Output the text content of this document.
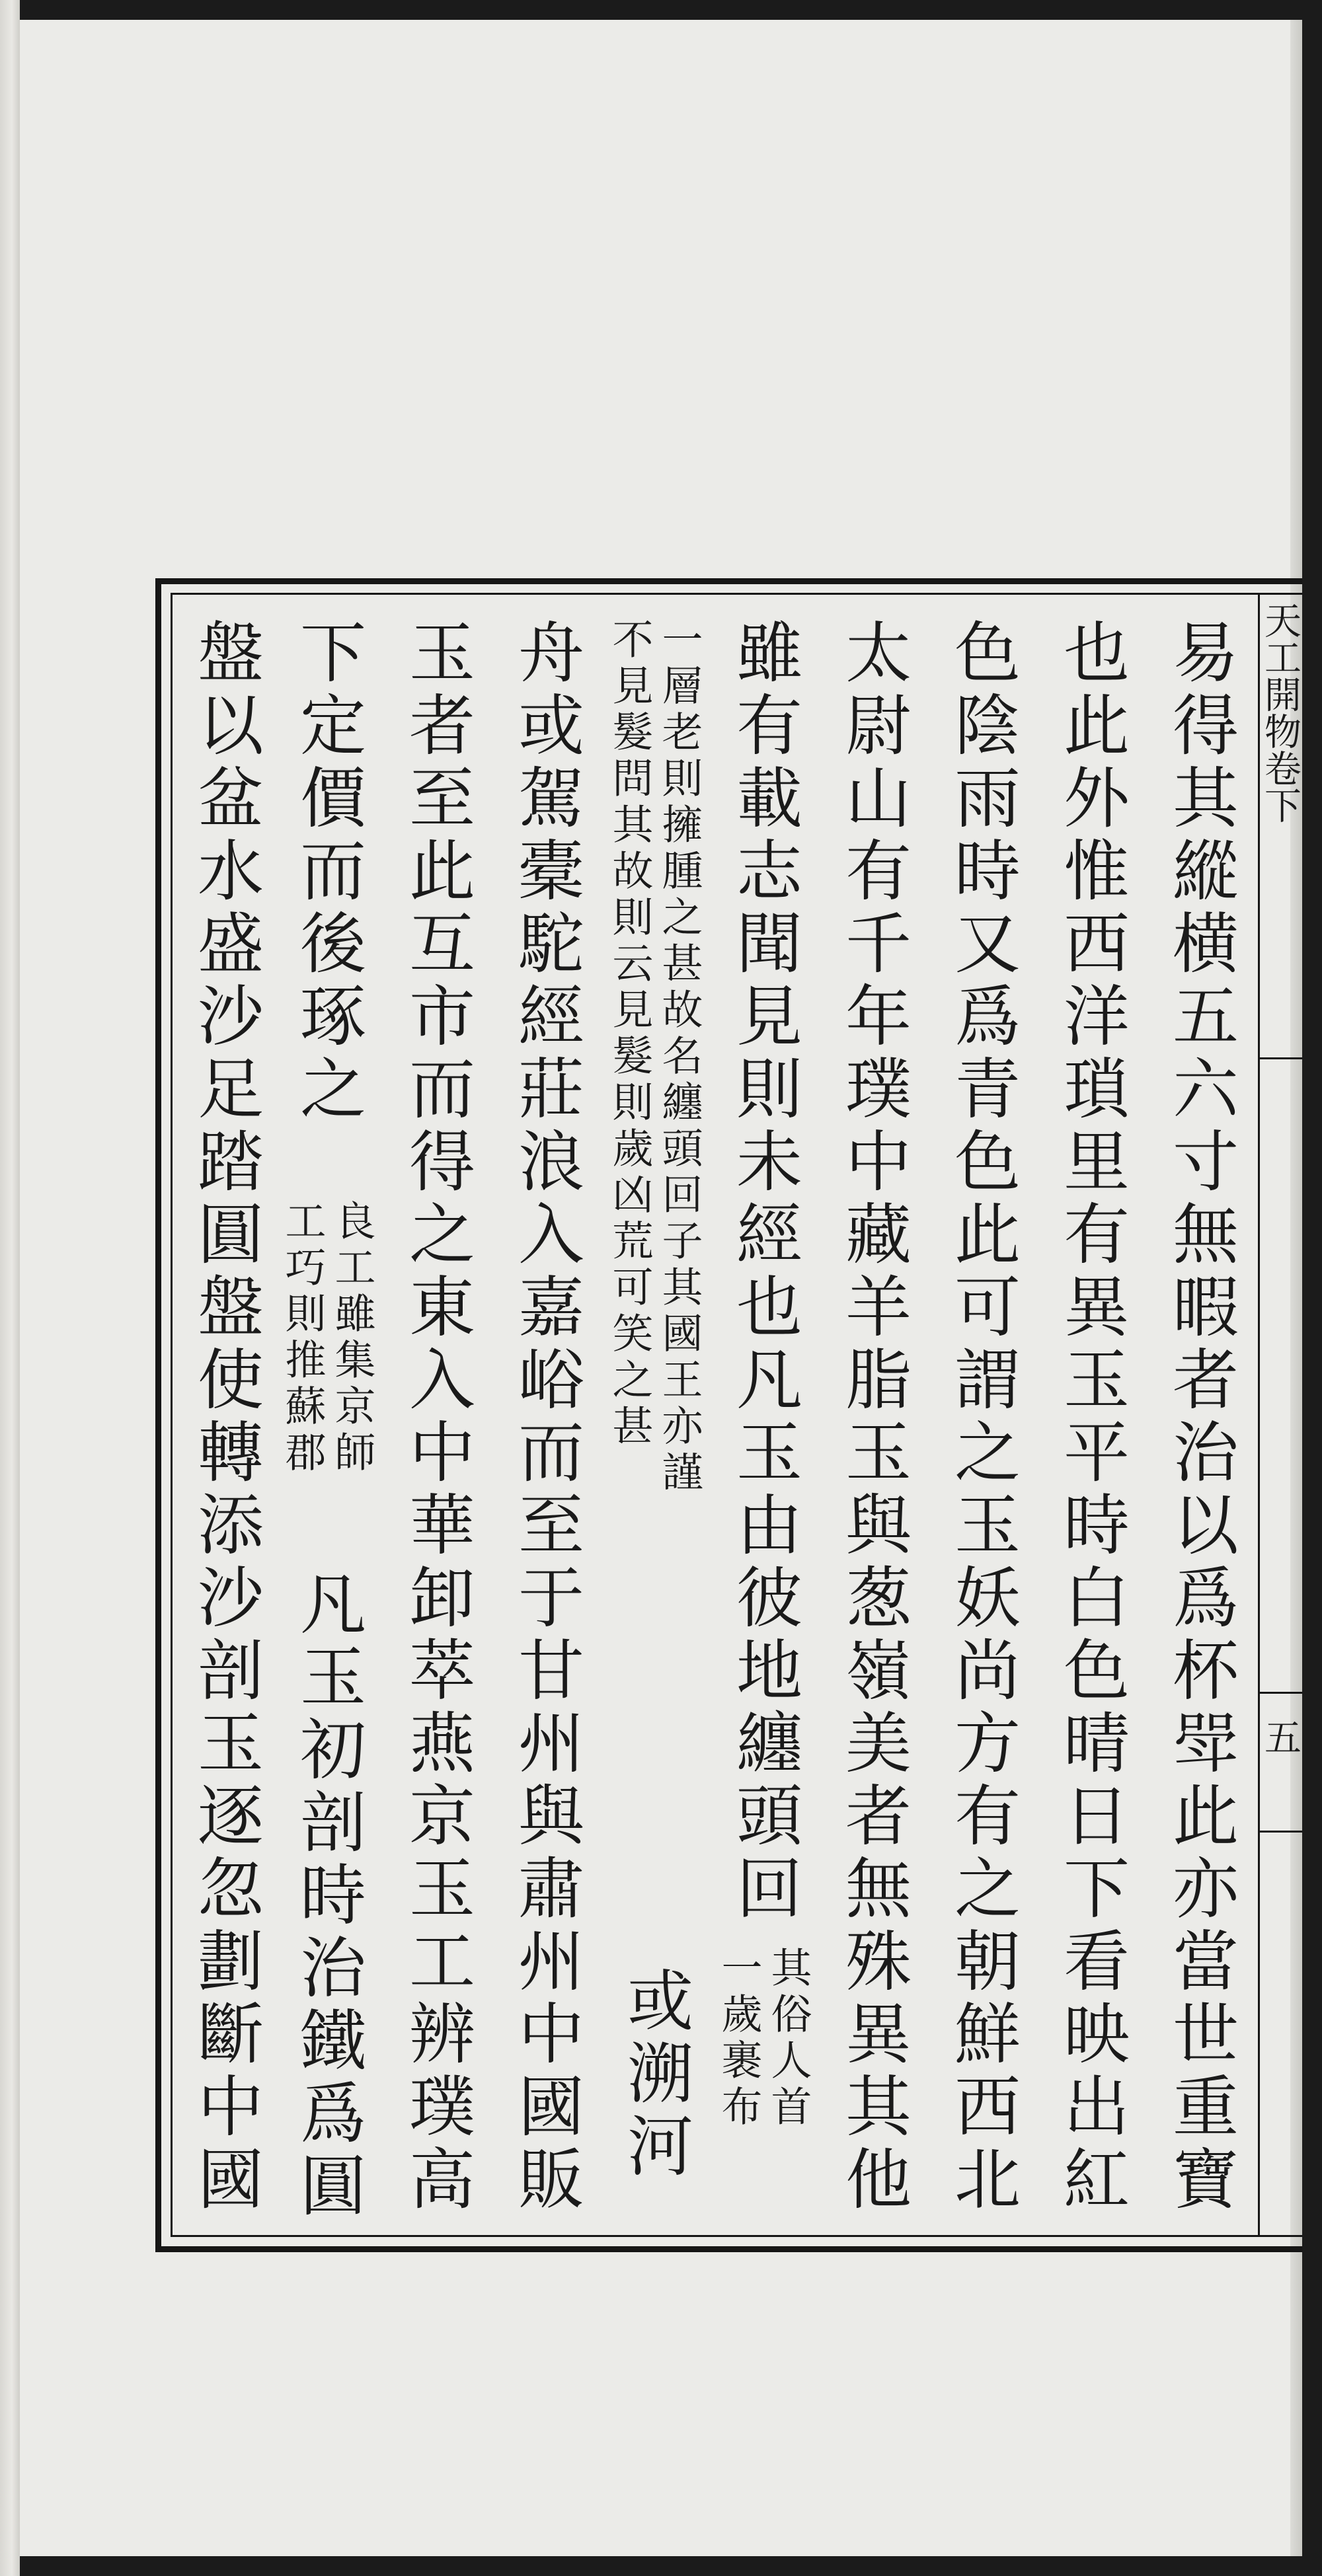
天工開物卷下
五
易得其縱横五六寸無暇者治以爲杯斝此亦當世重寶
也此外惟西洋瑣里有異玉平時白色晴日下看映出紅
色陰雨時又爲青色此可謂之玉妖尚方有之朝鮮西北
太尉山有千年璞中藏羊脂玉與葱嶺美者無殊異其他
雖有載志聞見則未經也凡玉由彼地纏頭回
其俗人首
一歲裹布
一層老則擁腫之甚故名纏頭回子其國王亦謹
不見髮問其故則云見髮則歲凶荒可笑之甚
或溯河
舟或駕橐駝經莊浪入嘉峪而至于甘州與肅州中國販
玉者至此互市而得之東入中華卸萃燕京玉工辨璞高
下定價而後琢之
良工雖集京師
工巧則推蘇郡
凡玉初剖時治鐵爲圓
盤以盆水盛沙足踏圓盤使轉添沙剖玉逐忽劃斷中國
